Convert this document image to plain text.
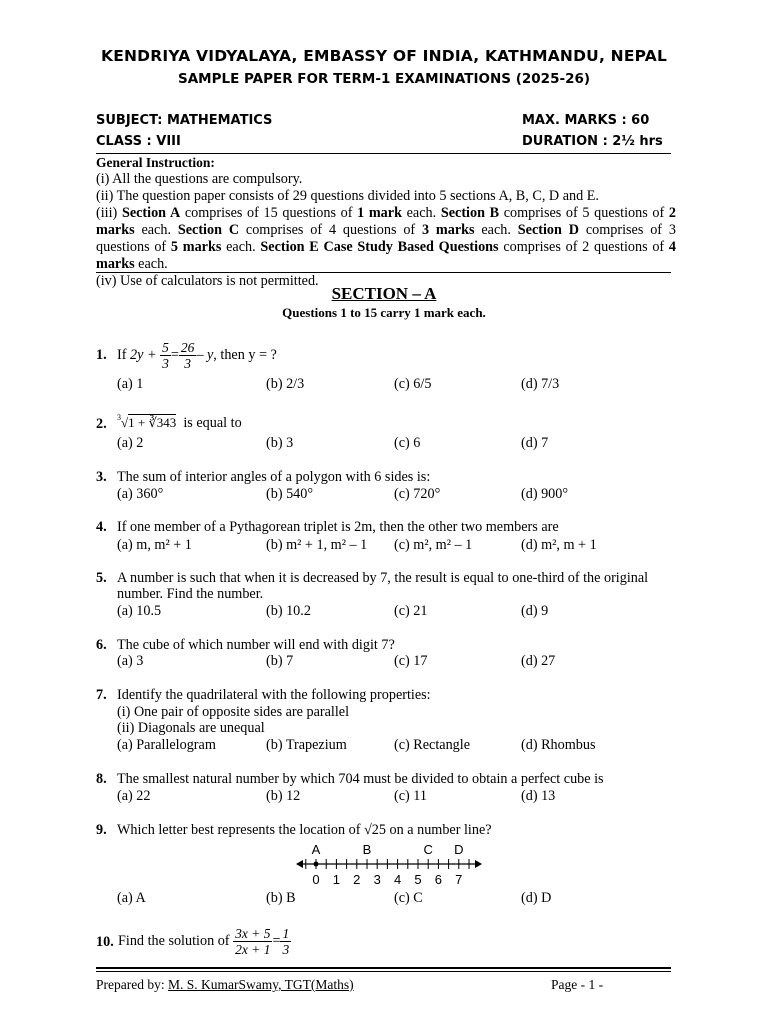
KENDRIYA VIDYALAYA, EMBASSY OF INDIA, KATHMANDU, NEPAL
SAMPLE PAPER FOR TERM-1 EXAMINATIONS (2025-26)
SUBJECT: MATHEMATICS	MAX. MARKS : 60
CLASS : VIII	DURATION : 2½ hrs

General Instruction:

(i) All the questions are compulsory.

(ii) The question paper consists of 29 questions divided into 5 sections A, B, C, D and E.

(iii) Section A comprises of 15 questions of 1 mark each. Section B comprises of 5 questions of 2 marks each. Section C comprises of 4 questions of 3 marks each. Section D comprises of 3 questions of 5 marks each. Section E Case Study Based Questions comprises of 2 questions of 4 marks each.

(iv) Use of calculators is not permitted.

SECTION – A
Questions 1 to 15 carry 1 mark each.
1. If $2y + \frac{5}{3} = \frac{26}{3} - y$, then y = ?
(a) 1	(b) 2/3	(c) 6/5	(d) 7/3
2. $^3$√1 + ∛343 is equal to
(a) 2	(b) 3	(c) 6	(d) 7
3. The sum of interior angles of a polygon with 6 sides is:
(a) 360°	(b) 540°	(c) 720°	(d) 900°
4. If one member of a Pythagorean triplet is 2m, then the other two members are
(a) m, m² + 1	(b) m² + 1, m² – 1 (c) m², m² – 1	(d) m², m + 1
5. A number is such that when it is decreased by 7, the result is equal to one-third of the original
number. Find the number.
(a) 10.5	(b) 10.2	(c) 21	(d) 9
6. The cube of which number will end with digit 7?
(a) 3	(b) 7	(c) 17	(d) 27
7. Identify the quadrilateral with the following properties:
(i) One pair of opposite sides are parallel
(ii) Diagonals are unequal
(a) Parallelogram	(b) Trapezium	(c) Rectangle	(d) Rhombus
8. The smallest natural number by which 704 must be divided to obtain a perfect cube is
(a) 22	(b) 12	(c) 11	(d) 13
9. Which letter best represents the location of √25 on a number line?
0 1 2 3 4 5 6 7
A	B	C D
(a) A	(b) B	(c) C	(d) D
10. Find the solution of $\frac{3x + 5}{2x + 1} = \frac{1}{3}$
Prepared by: M. S. KumarSwamy, TGT(Maths)	Page - 1 -
